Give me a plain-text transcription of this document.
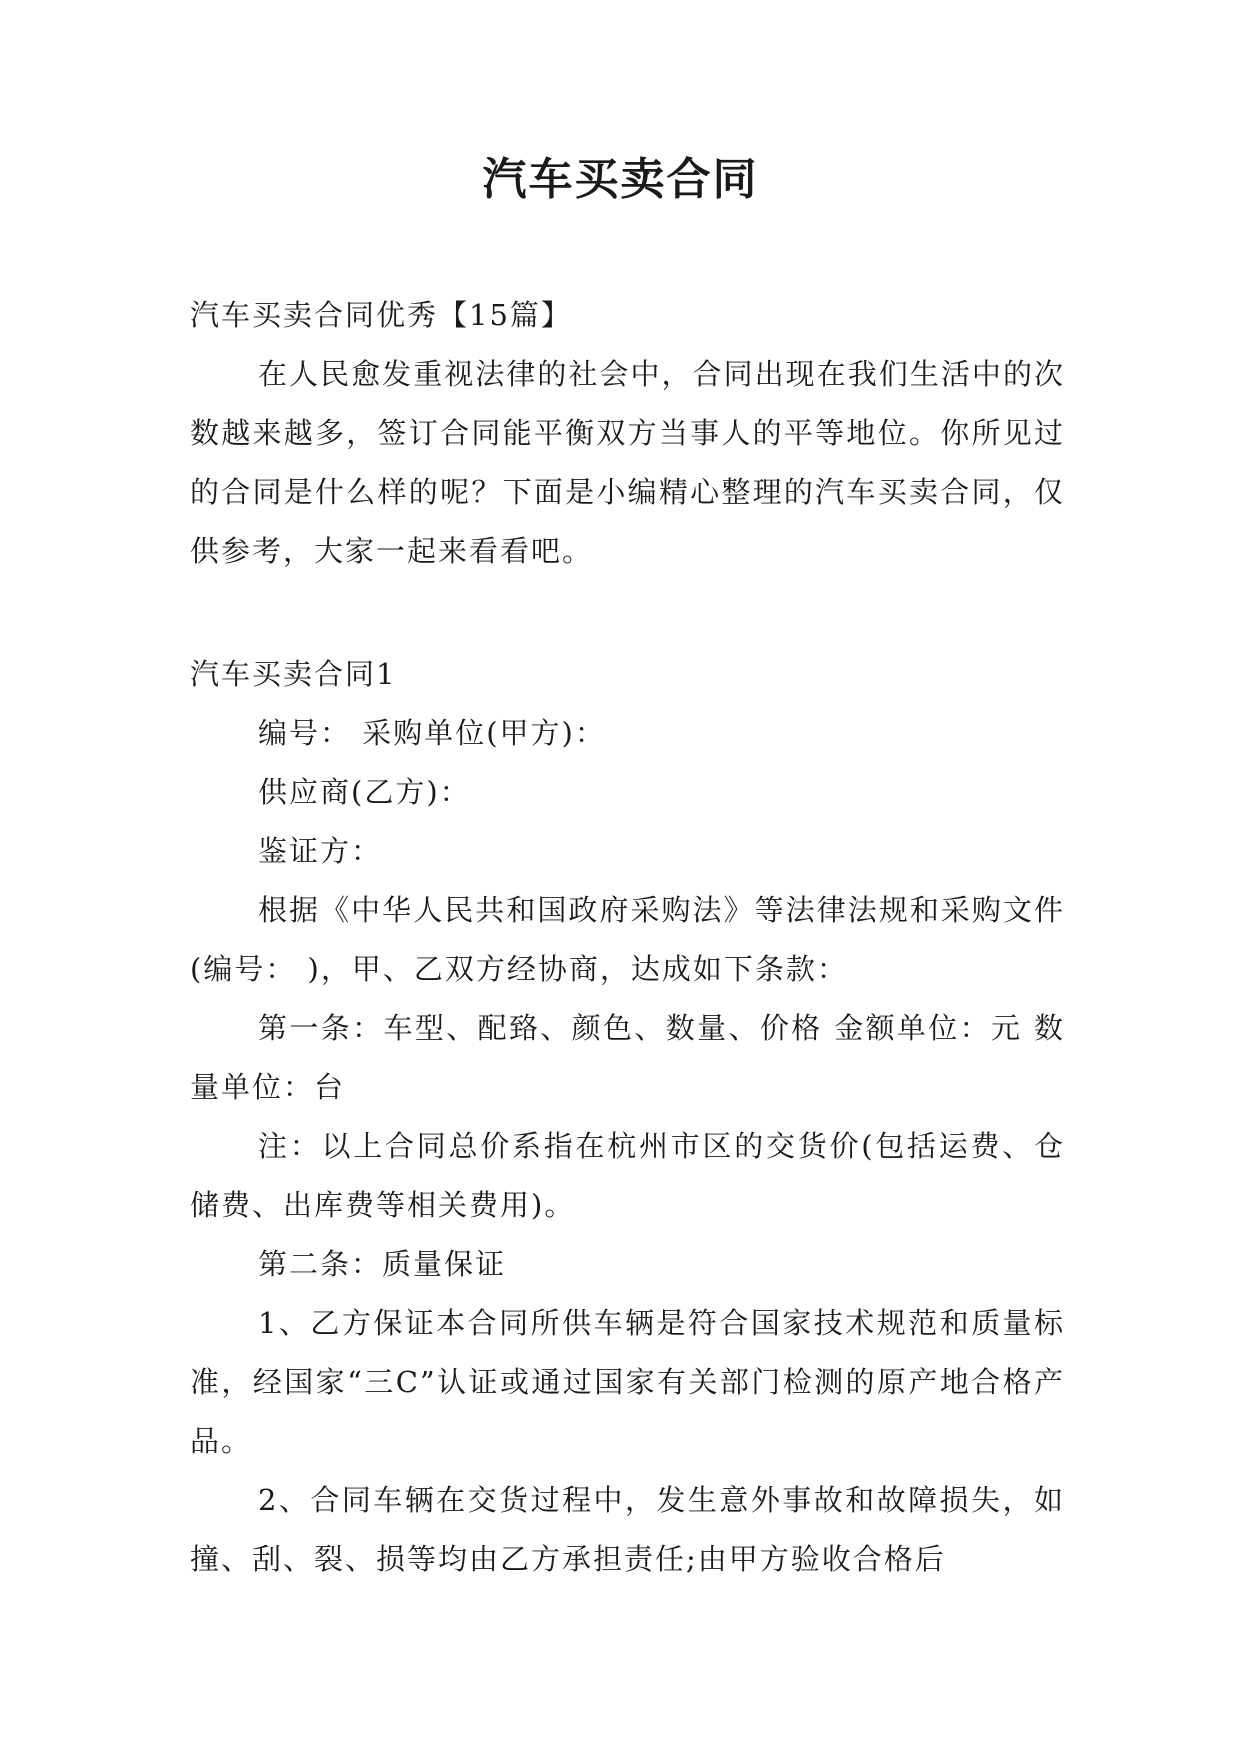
汽车买卖合同

汽车买卖合同优秀【15篇】

在人民愈发重视法律的社会中，合同出现在我们生活中的次数越来越多，签订合同能平衡双方当事人的平等地位。你所见过的合同是什么样的呢？下面是小编精心整理的汽车买卖合同，仅供参考，大家一起来看看吧。

汽车买卖合同1

编号： 采购单位(甲方)：

供应商(乙方)：

鉴证方：

根据《中华人民共和国政府采购法》等法律法规和采购文件(编号： )，甲、乙双方经协商，达成如下条款：

第一条：车型、配臵、颜色、数量、价格 金额单位：元 数量单位：台

注：以上合同总价系指在杭州市区的交货价(包括运费、仓储费、出库费等相关费用)。

第二条：质量保证

1、乙方保证本合同所供车辆是符合国家技术规范和质量标准，经国家“三C”认证或通过国家有关部门检测的原产地合格产品。

2、合同车辆在交货过程中，发生意外事故和故障损失，如撞、刮、裂、损等均由乙方承担责任;由甲方验收合格后
